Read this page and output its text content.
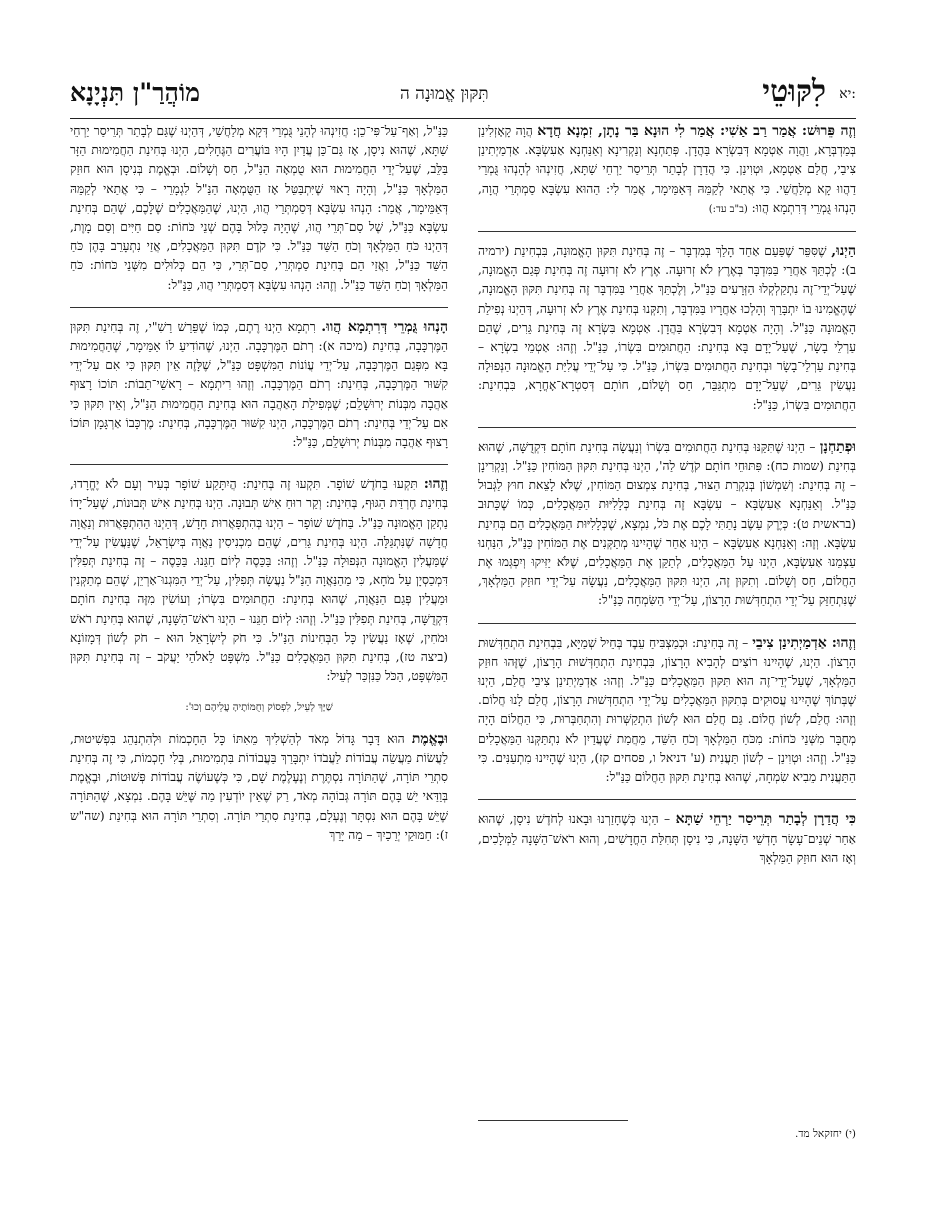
יא:
לִקּוּטֵי
תִּקּוּן אֱמוּנָה ה
מוֹהֲרַ"ן תִּנְיָנָא

וְזֶה פֵּרוּשׁ: אֲמַר רַב אַשִׁי: אֲמַר לִי הוּנָא בַּר נָתָן, זִמְנָא חֲדָא הֲוָה קָאָזְלִינַן בְּמַדְבְּרָא, וַהֲוָה אַטְמָא דְּבִשְׂרָא בַּהֲדָן. פְּתַחְנָא וְנַקְרִינָא וְאַנַּחְנָא אַעִשְׂבָּא. אַדְמַיְתִינַן צִיבֵי, חֲלַם אַטְמָא, וּטְוִינַן. כִּי הֲדַרָן לְבָתַר תְּרֵיסַר יַרְחֵי שַׁתָּא, חֲזִינְהוּ לְהָנְהוּ גֻּמְרֵי דַהֲווּ קָא מְלַחֲשֵׁי. כִּי אֲתַאי לְקַמֵּהּ דְּאַמֵּימָר, אֲמַר לִי: הַהוּא עִשְׂבָּא סַמְתְּרֵי הֲוָה, הָנְהוּ גֻּמְרֵי דְּרִתְמָא הֲווּ: (ב"ב עד:)

הַיְנוּ, שֶׁסִּפֵּר שֶׁפַּעַם אַחַד הָלַךְ בְּמִדְבָּר – זֶה בְּחִינַת תִּקּוּן הָאֱמוּנָה, בִּבְחִינַת (ירמיה ב): לֶכְתֵּךְ אַחֲרַי בַּמִּדְבָּר בְּאֶרֶץ לֹא זְרוּעָה. אֶרֶץ לֹא זְרוּעָה זֶה בְּחִינַת פְּגַם הָאֱמוּנָה, שֶׁעַל־יְדֵי־זֶה נִתְקַלְקְלוּ הַזְּרָעִים כַּנַּ"ל, וְלֶכְתֵּךְ אַחֲרַי בַּמִּדְבָּר זֶה בְּחִינַת תִּקּוּן הָאֱמוּנָה, שֶׁהֶאֱמִינוּ בוֹ יִתְבָּרַךְ וְהָלְכוּ אַחֲרָיו בַּמִּדְבָּר, וְתִקְּנוּ בְּחִינַת אֶרֶץ לֹא זְרוּעָה, דְּהַיְנוּ נְפִילַת הָאֱמוּנָה כַּנַּ"ל. וְהָיָה אַטְמָא דְּבִשְׂרָא בַּהֲדָן. אַטְמָא בִּשְׂרָא זֶה בְּחִינַת גֵּרִים, שֶׁהֵם עַרְלֵי בָשָׂר, שֶׁעַל־יָדָם בָּא בְּחִינַת: הַחֲתוּמִים בִּשְׂרוֹ, כַּנַּ"ל. וְזֶהוּ: אַטְמֵי בִשְׂרָא – בְּחִינַת עַרְלֵי־בָשָׂר וּבְחִינַת הַחֲתוּמִים בִּשְׂרוֹ, כַּנַּ"ל. כִּי עַל־יְדֵי עֲלִיַּת הָאֱמוּנָה הַנְּפוּלָה נַעֲשִׂין גֵּרִים, שֶׁעַל־יָדָם מִתְגַּבֵּר, חַס וְשָׁלוֹם, חוֹתָם דְּסִטְרָא־אָחֳרָא, בִּבְחִינַת: הַחֲתוּמִים בִּשְׂרוֹ, כַּנַּ"ל:

וּפְתַחְנָן – הַיְנוּ שֶׁתִּקַּנּוּ בְּחִינַת הַחֲתוּמִים בִּשְׂרוֹ וְנַעֲשָׂה בְּחִינַת חוֹתָם דִּקְדֻשָּׁה, שֶׁהוּא בְּחִינַת (שמות כח): פִּתּוּחֵי חוֹתָם קֹדֶשׁ לַה', הַיְנוּ בְּחִינַת תִּקּוּן הַמּוֹחִין כַּנַּ"ל. וְנַקְרִינָן – זֶה בְּחִינַת: וְשִׁמְשׁוֹן בְּנִקְרַת הַצּוּר, בְּחִינַת צִמְצוּם הַמּוֹחִין, שֶׁלֹּא לָצֵאת חוּץ לַגְּבוּל כַּנַּ"ל. וְאַנַּחְנָא אַעִשְׂבָּא – עִשְׂבָּא זֶה בְּחִינַת כְּלָלִיּוּת הַמַּאֲכָלִים, כְּמוֹ שֶׁכָּתוּב (בראשית ט): כְּיֶרֶק עֵשֶׂב נָתַתִּי לָכֶם אֶת כֹּל, נִמְצָא, שֶׁכְּלָלִיּוּת הַמַּאֲכָלִים הֵם בְּחִינַת עִשְׂבָּא. וְזֶה: וְאַנַּחְנָא אַעִשְׂבָּא – הַיְנוּ אַחַר שֶׁהָיִינוּ מְתַקְּנִים אֶת הַמּוֹחִין כַּנַּ"ל, הִנַּחְנוּ עַצְמֵנוּ אַעִשְׂבָּא, הַיְנוּ עַל הַמַּאֲכָלִים, לְתַקֵּן אֶת הַמַּאֲכָלִים, שֶׁלֹּא יַזִּיקוּ וְיִפְגְּמוּ אֶת הַחֲלוֹם, חַס וְשָׁלוֹם. וְתִקּוּן זֶה, הַיְנוּ תִּקּוּן הַמַּאֲכָלִים, נַעֲשָׂה עַל־יְדֵי חוּזַק הַמַּלְאָךְ, שֶׁנִּתְחַזֵּק עַל־יְדֵי הִתְחַדְּשׁוּת הָרָצוֹן, עַל־יְדֵי הַשִּׂמְחָה כַּנַּ"ל:

וְזֶהוּ: אַדְמַיְתִינַן צִיבֵי – זֶה בְּחִינַת: וּכְמַצְבִּיחַ עֵבֶד בְּחֵיל שְׁמַיָּא, בִּבְחִינַת הִתְחַדְּשׁוּת הָרָצוֹן. הַיְנוּ, שֶׁהָיִינוּ רוֹצִים לְהָבִיא הָרָצוֹן, בִּבְחִינַת הִתְחַדְּשׁוּת הָרָצוֹן, שֶׁזֶּהוּ חוּזַק הַמַּלְאָךְ, שֶׁעַל־יְדֵי־זֶה הוּא תִּקּוּן הַמַּאֲכָלִים כַּנַּ"ל. וְזֶהוּ: אַדְמַיְתִינַן צִיבֵי חֲלַם, הַיְנוּ שֶׁבְּתוֹךְ שֶׁהָיִינוּ עֲסוּקִים בְּתִקּוּן הַמַּאֲכָלִים עַל־יְדֵי הִתְחַדְּשׁוּת הָרָצוֹן, חֲלַם לָנוּ חֲלוֹם. וְזֶהוּ: חֲלַם, לְשׁוֹן חֲלוֹם. גַּם חֲלַם הוּא לְשׁוֹן הִתְקַשְּׁרוּת וְהִתְחַבְּרוּת, כִּי הַחֲלוֹם הָיָה מְחֻבָּר מִשְּׁנֵי כֹּחוֹת: מִכֹּחַ הַמַּלְאָךְ וְכֹחַ הַשֵּׁד, מֵחֲמַת שֶׁעֲדַיִן לֹא נִתְתַּקְּנוּ הַמַּאֲכָלִים כַּנַּ"ל. וְזֶהוּ: וּטְוִינַן – לְשׁוֹן תַּעֲנִית (ע' דניאל ו, פסחים קז), הַיְנוּ שֶׁהָיִינוּ מִתְעַנִּים. כִּי הַתַּעֲנִית מֵבִיא שִׂמְחָה, שֶׁהוּא בְּחִינַת תִּקּוּן הַחֲלוֹם כַּנַּ"ל:

כִּי הֲדַרָן לְבָתַר תְּרֵיסַר יַרְחֵי שַׁתָּא – הַיְנוּ כְּשֶׁחָזַרְנוּ וּבָאנוּ לְחֹדֶשׁ נִיסָן, שֶׁהוּא אַחַר שְׁנֵים־עָשָׂר חָדְשֵׁי הַשָּׁנָה, כִּי נִיסָן תְּחִלַּת הַחֳדָשִׁים, וְהוּא רֹאשׁ־הַשָּׁנָה לַמְּלָכִים, וְאָז הוּא חוּזַק הַמַּלְאָךְ

כַּנַּ"ל, וְאַף־עַל־פִּי־כֵן: חֲזִינְהוּ לְהָנֵי גֻּמְרֵי דְּקָא מְלַחֲשֵׁי, דְּהַיְנוּ שֶׁגַּם לְבָתַר תְּרֵיסַר יַרְחֵי שַׁתָּא, שֶׁהוּא נִיסָן, אָז גַּם־כֵּן עֲדַיִן הָיוּ בּוֹעֲרִים הַגֶּחָלִים, הַיְנוּ בְּחִינַת הַחֲמִימוּת הַזָּר בַּלֵּב, שֶׁעַל־יְדֵי הַחֲמִימוּת הוּא טֻמְאָה הַנַּ"ל, חַס וְשָׁלוֹם. וּבְאֱמֶת בְּנִיסָן הוּא חוּזַק הַמַּלְאָךְ כַּנַּ"ל, וְהָיָה רָאוּי שֶׁיִּתְבַּטֵּל אָז הַטֻּמְאָה הַנַּ"ל לִגְמָרֵי – כִּי אֲתַאי לְקַמֵּהּ דְּאַמֵּימָר, אֲמַר: הָנְהוּ עִשְׂבָּא דְּסַמְתְּרֵי הֲווּ, הַיְנוּ, שֶׁהַמַּאֲכָלִים שֶׁלָּכֶם, שֶׁהֵם בְּחִינַת עִשְׂבָּא כַּנַּ"ל, שֶׁל סַם־תְּרֵי הֲווּ, שֶׁהָיָה כָּלוּל בָּהֶם שְׁנֵי כֹּחוֹת: סַם חַיִּים וְסַם מָוֶת, דְּהַיְנוּ כֹּחַ הַמַּלְאָךְ וְכֹחַ הַשֵּׁד כַּנַּ"ל. כִּי קֹדֶם תִּקּוּן הַמַּאֲכָלִים, אֲזַי נִתְעָרֵב בָּהֶן כֹּחַ הַשֵּׁד כַּנַּ"ל, וַאֲזַי הֵם בְּחִינַת סַמְתְּרֵי, סַם־תְּרֵי, כִּי הֵם כְּלוּלִים מִשְּׁנֵי כֹּחוֹת: כֹּחַ הַמַּלְאָךְ וְכֹחַ הַשֵּׁד כַּנַּ"ל. וְזֶהוּ: הָנְהוּ עִשְׂבָּא דְּסַמְתְּרֵי הֲווּ, כַּנַּ"ל:

הָנְהוּ גֻּמְרֵי דְּרִתְמָא הֲווּ. רִתְמָא הַיְנוּ רֶתֶם, כְּמוֹ שֶׁפֵּרַשׁ רַשִׁ"י, זֶה בְּחִינַת תִּקּוּן הַמֶּרְכָּבָה, בְּחִינַת (מיכה א): רְתֹם הַמֶּרְכָּבָה. הַיְנוּ, שֶׁהוֹדִיעַ לוֹ אַמֵּימָר, שֶׁהַחֲמִימוּת בָּא מִפְּגַם הַמֶּרְכָּבָה, עַל־יְדֵי עֲוֹנוֹת הַמִּשְׁפָּט כַּנַּ"ל, שֶׁלָּזֶה אֵין תִּקּוּן כִּי אִם עַל־יְדֵי קִשּׁוּר הַמֶּרְכָּבָה, בְּחִינַת: רְתֹם הַמֶּרְכָּבָה. וְזֶהוּ רִיתְמָא – רָאשֵׁי־תֵבוֹת: תּוֹכוֹ רָצוּף אַהֲבָה מִבְּנוֹת יְרוּשָׁלִַם; שֶׁמְּפִילַת הָאַהֲבָה הוּא בְּחִינַת הַחֲמִימוּת הַנַּ"ל, וְאֵין תִּקּוּן כִּי אִם עַל־יְדֵי בְּחִינַת: רְתֹם הַמֶּרְכָּבָה, הַיְנוּ קִשּׁוּר הַמֶּרְכָּבָה, בְּחִינַת: מֶרְכָּבוֹ אַרְגָּמָן תּוֹכוֹ רָצוּף אַהֲבָה מִבְּנוֹת יְרוּשָׁלִַם, כַּנַּ"ל:

וְזֶהוּ: תִּקְעוּ בַחֹדֶשׁ שׁוֹפָר. תִּקְעוּ זֶה בְּחִינַת: הֲיִתָּקַע שׁוֹפָר בְּעִיר וְעָם לֹא יֶחֱרָדוּ, בְּחִינַת חֶרְדַּת הַגּוּף, בְּחִינַת: וְקַר רוּחַ אִישׁ תְּבוּנָה. הַיְנוּ בְּחִינַת אִישׁ תְּבוּנוֹת, שֶׁעַל־יָדוֹ נַתְקַן הָאֱמוּנָה כַּנַּ"ל. בַּחֹדֶשׁ שׁוֹפָר – הַיְנוּ בְּהִתְפָּאֲרוּת חָדָשׁ, דְּהַיְנוּ הַהִתְפָּאֲרוּת וְנַאֲוָה חֲדָשָׁה שֶׁנִּתְגַּלָּה. הַיְנוּ בְּחִינַת גֵּרִים, שֶׁהֵם מִכְנִיסִין נַאֲוָה בְּיִשְׂרָאֵל, שֶׁנַּעֲשִׂין עַל־יְדֵי שֶׁמַּעֲלִין הָאֱמוּנָה הַנְּפוּלָה כַּנַּ"ל. וְזֶהוּ: בַּכֵּסֶה לְיוֹם חַגֵּנוּ. בַּכֵּסֶה – זֶה בְּחִינַת תְּפִלִּין דִּמְכַסְיָן עַל מֹחָא, כִּי מֵהַנַּאֲוָה הַנַּ"ל נַעֲשָׂה תְּפִלִּין, עַל־יְדֵי הַמִּגְנוּ־אַרְיֵן, שֶׁהֵם מְתַקְּנִין וּמַעֲלִין פְּגַם הַנַּאֲוָה, שֶׁהוּא בְּחִינַת: הַחֲתוּמִים בִּשְׂרוֹ; וְעוֹשִׂין מִזֶּה בְּחִינַת חוֹתָם דִּקְדֻשָּׁה, בְּחִינַת תְּפִלִּין כַּנַּ"ל. וְזֶהוּ: לְיוֹם חַגֵּנוּ – הַיְנוּ רֹאשׁ־הַשָּׁנָה, שֶׁהוּא בְּחִינַת רֹאשׁ וּמֹחִין, שֶׁאָז נַעֲשִׂין כָּל הַבְּחִינוֹת הַנַּ"ל. כִּי חֹק לְיִשְׂרָאֵל הוּא – חֹק לְשׁוֹן דְּמָזוֹנָא (ביצה טז), בְּחִינַת תִּקּוּן הַמַּאֲכָלִים כַּנַּ"ל. מִשְׁפָּט לֵאלֹהֵי יַעֲקֹב – זֶה בְּחִינַת תִּקּוּן הַמִּשְׁפָּט, הַכֹּל כַּנִּזְכַּר לְעֵיל:

שַׁיָּךְ לְעֵיל, לִפְסוֹק וְחֻמּוֹתֶיהָ עֲלֵיהֶם וְכוּ':

וּבֶאֱמֶת הוּא דָּבָר גָּדוֹל מְאֹד לְהַשְׁלִיךְ מֵאִתּוֹ כָּל הַחָכְמוֹת וּלְהִתְנַהֵג בִּפְשִׁיטוּת, לַעֲשׂוֹת מַעֲשֵׂה עֲבוֹדוֹת לַעֲבֹדוֹ יִתְבָּרַךְ בַּעֲבוֹדוֹת בִּתְמִימוּת, בְּלִי חָכְמוֹת, כִּי זֶה בְּחִינַת סִתְרֵי תּוֹרָה, שֶׁהַתּוֹרָה נִסְתֶּרֶת וְנֶעֶלֶמֶת שָׁם, כִּי כְּשֶׁעוֹשֶׂה עֲבוֹדוֹת פְּשׁוּטוֹת, וּבֶאֱמֶת בְּוַדַּאי יֵשׁ בָּהֶם תּוֹרָה גְּבוֹהָה מְאֹד, רַק שֶׁאֵין יוֹדְעִין מַה שֶּׁיֵּשׁ בָּהֶם. נִמְצָא, שֶׁהַתּוֹרָה שֶׁיֵּשׁ בָּהֶם הוּא נִסְתָּר וְנֶעְלָם, בְּחִינַת סִתְרֵי תּוֹרָה. וְסִתְרֵי תּוֹרָה הוּא בְּחִינַת (שה"ש ז): חַמּוּקֵי יְרֵכַיִךְ – מַה יָּרֵךְ

(י) יחזקאל מד.
